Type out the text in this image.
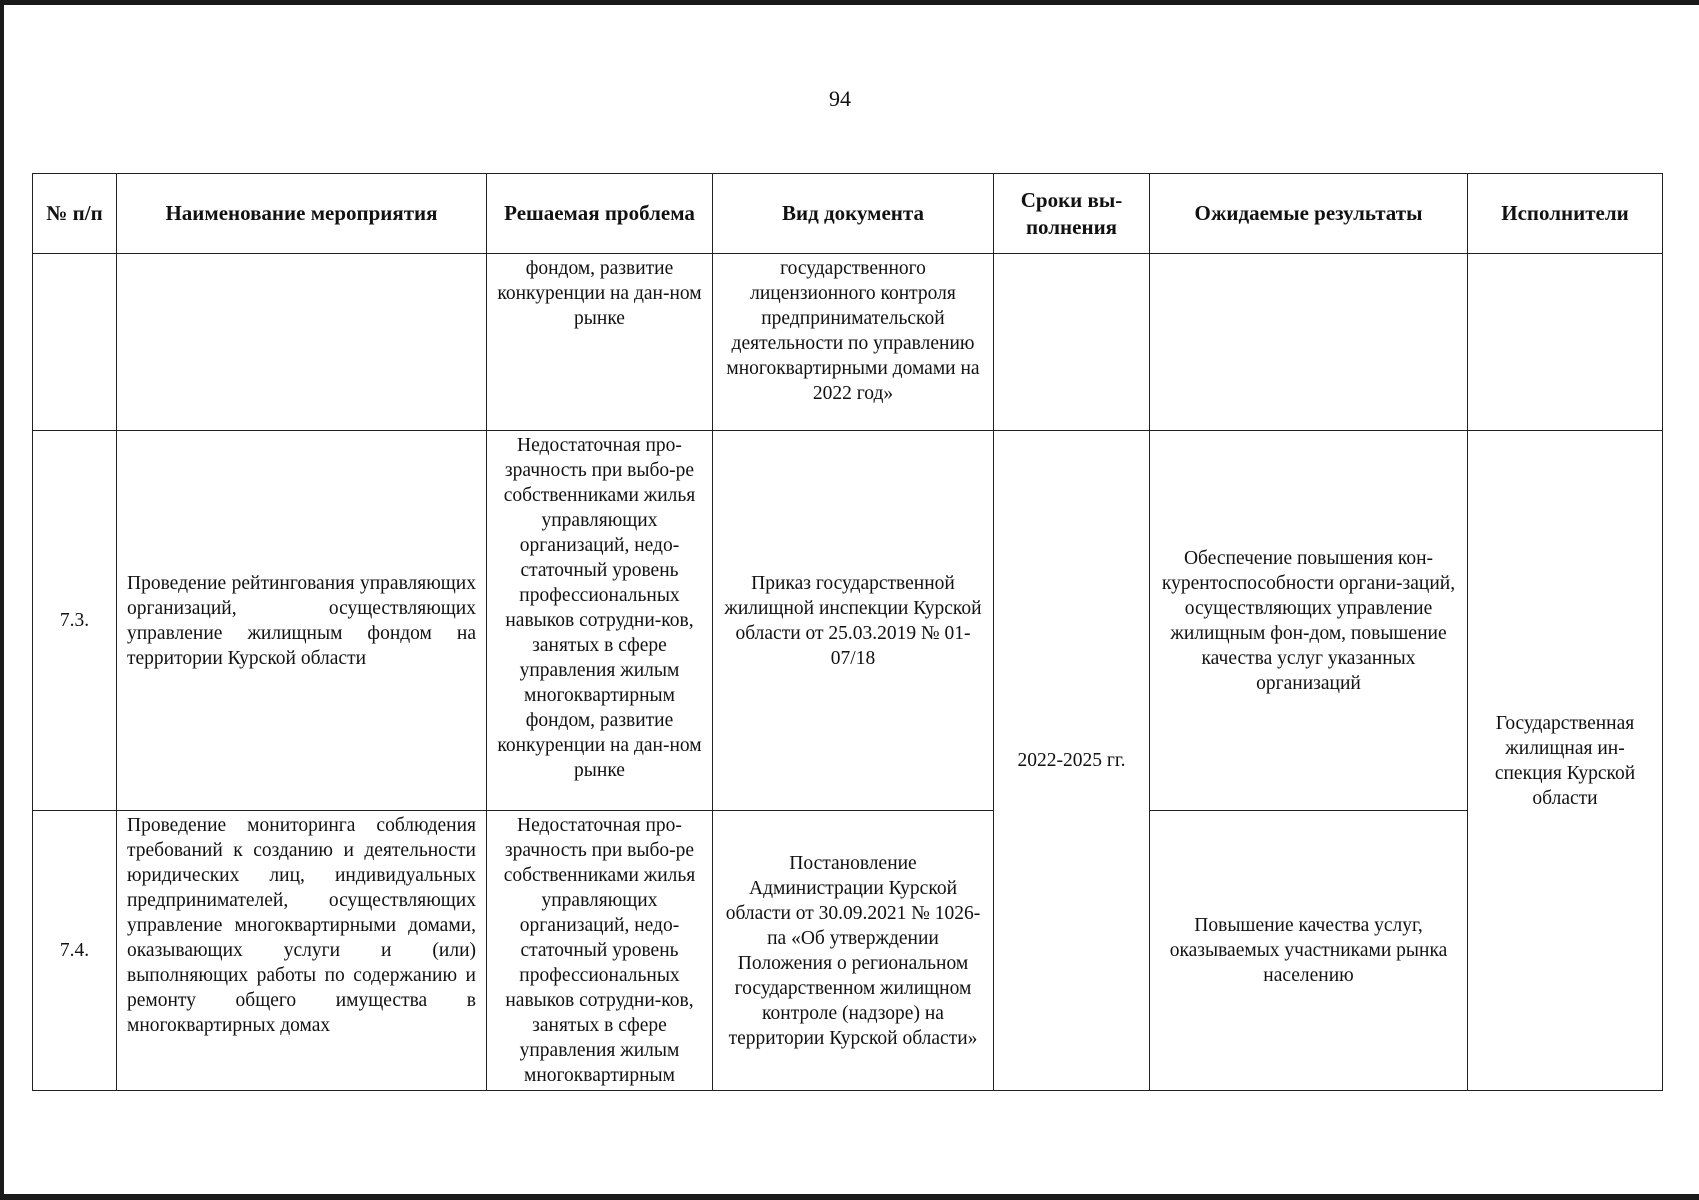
94
№ п/п	Наименование мероприятия	Решаемая проблема	Вид документа	Сроки вы-полнения	Ожидаемые результаты	Исполнители
		фондом, развитие конкуренции на дан-ном рынке	государственного лицензионного контроля предпринимательской деятельности по управлению многоквартирными домами на 2022 год»			
7.3.	Проведение рейтингования управляющих организаций, осуществляющих управление жилищным фондом на территории Курской области	Недостаточная про-зрачность при выбо-ре собственниками жилья управляющих организаций, недо-статочный уровень профессиональных навыков сотрудни-ков, занятых в сфере управления жилым многоквартирным фондом, развитие конкуренции на дан-ном рынке	Приказ государственной жилищной инспекции Курской области от 25.03.2019 № 01-07/18	2022-2025 гг.	Обеспечение повышения кон-курентоспособности органи-заций, осуществляющих управление жилищным фон-дом, повышение качества услуг указанных организаций	Государственная жилищная ин-спекция Курской области
7.4.	Проведение мониторинга соблюдения требований к созданию и деятельности юридических лиц, индивидуальных предпринимателей, осуществляющих управление многоквартирными домами, оказывающих услуги и (или) выполняющих работы по содержанию и ремонту общего имущества в многоквартирных домах	Недостаточная про-зрачность при выбо-ре собственниками жилья управляющих организаций, недо-статочный уровень профессиональных навыков сотрудни-ков, занятых в сфере управления жилым многоквартирным	Постановление Администрации Курской области от 30.09.2021 № 1026-па «Об утверждении Положения о региональном государственном жилищном контроле (надзоре) на территории Курской области»		Повышение качества услуг, оказываемых участниками рынка населению	
